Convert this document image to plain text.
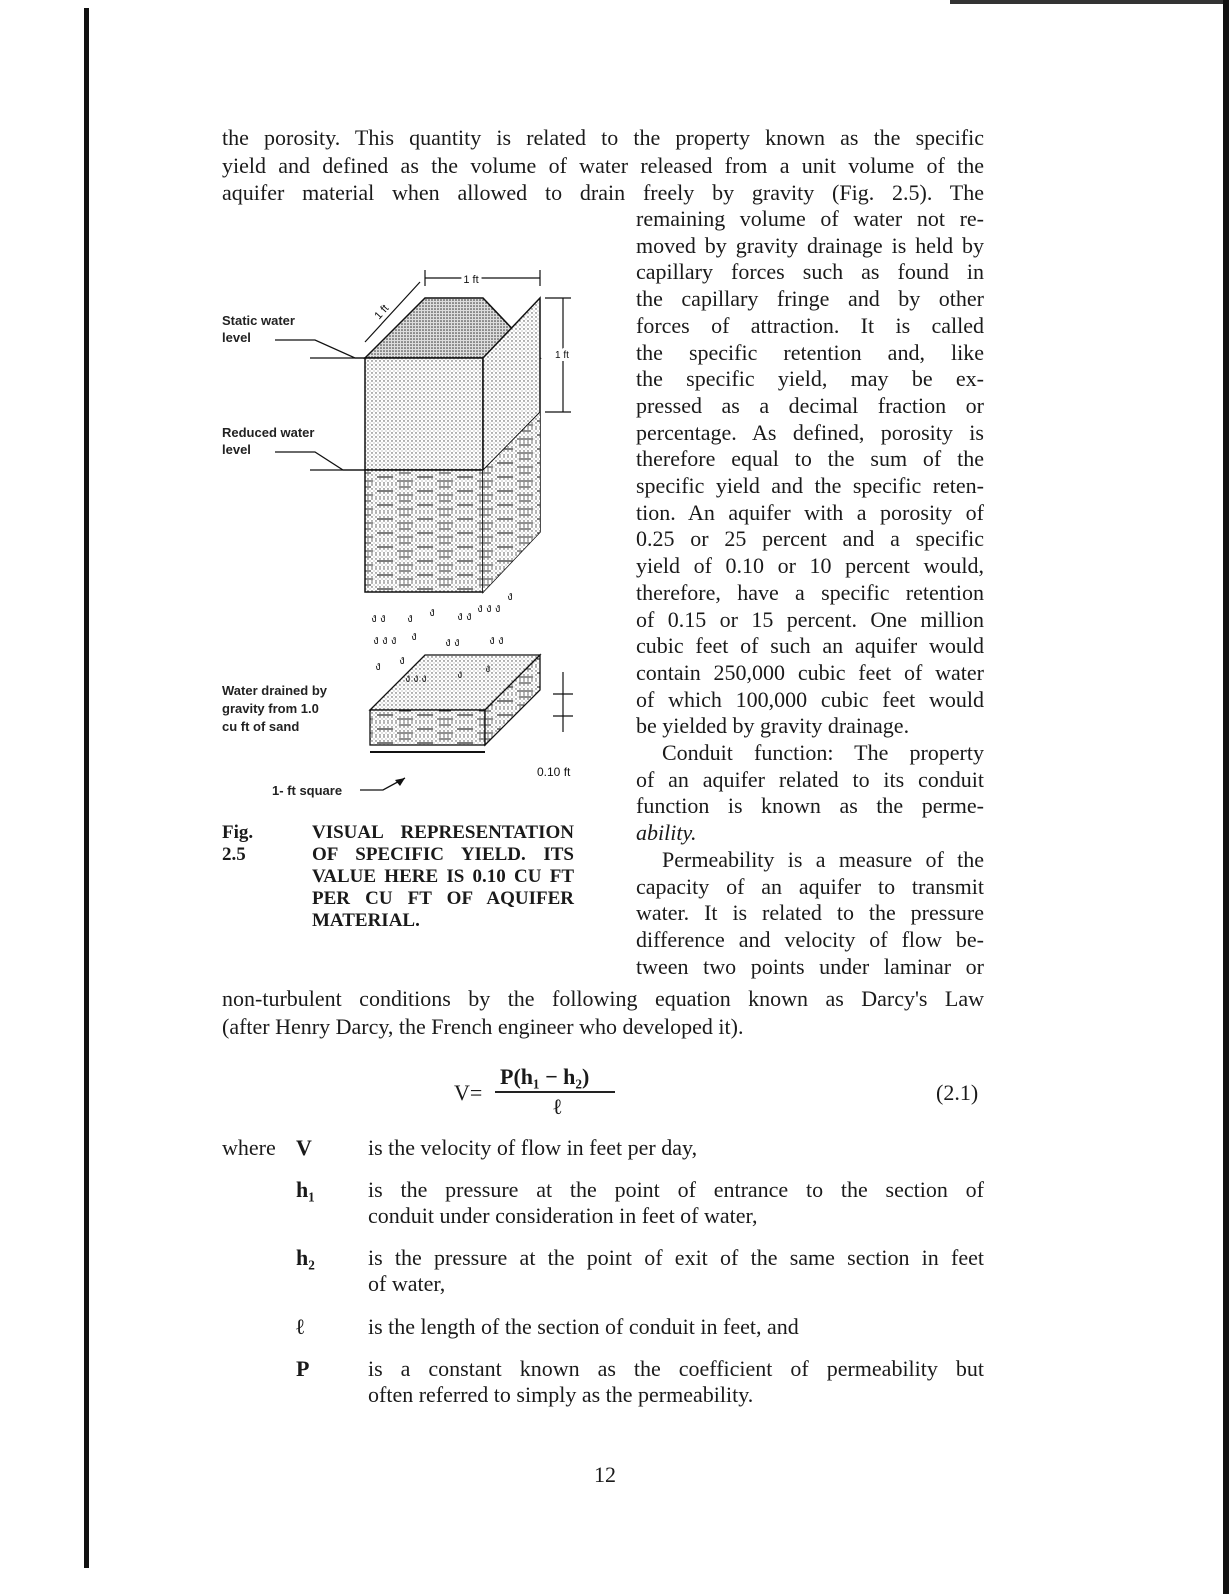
the porosity. This quantity is related to the property known as the specific
yield and defined as the volume of water released from a unit volume of the
aquifer material when allowed to drain freely by gravity (Fig. 2.5). The
remaining volume of water not re-
moved by gravity drainage is held by
capillary forces such as found in
the capillary fringe and by other
forces of attraction. It is called
the specific retention and, like
the specific yield, may be ex-
pressed as a decimal fraction or
percentage. As defined, porosity is
therefore equal to the sum of the
specific yield and the specific reten-
tion. An aquifer with a porosity of
0.25 or 25 percent and a specific
yield of 0.10 or 10 percent would,
therefore, have a specific retention
of 0.15 or 15 percent. One million
cubic feet of such an aquifer would
contain 250,000 cubic feet of water
of which 100,000 cubic feet would
be yielded by gravity drainage.
Conduit function: The property
of an aquifer related to its conduit
function is known as the perme-
ability.
Permeability is a measure of the
capacity of an aquifer to transmit
water. It is related to the pressure
difference and velocity of flow be-
tween two points under laminar or
non-turbulent conditions by the following equation known as Darcy's Law
(after Henry Darcy, the French engineer who developed it).
1 ft
1 ft
1 ft
ง ง ง ง ง ง
ง ง ง
ง
ง ง ง ง ง ง ง ง
ง ง
ง ง ง	ง ง
0.10 ft
Static water
level
Reduced water
level
Water drained by
gravity from 1.0
cu ft of sand
1- ft square
Fig. 2.5
VISUAL REPRESENTATION OF SPECIFIC YIELD. ITS VALUE HERE IS 0.10 CU FT PER CU FT OF AQUIFER MATERIAL.
V=
P(h₁ − h₂)
ℓ
(2.1)
where V	is the velocity of flow in feet per day,
h₁ is the pressure at the point of entrance to the section of
conduit under consideration in feet of water,
h₂ is the pressure at the point of exit of the same section in feet
of water,
ℓ	is the length of the section of conduit in feet, and
P	is a constant known as the coefficient of permeability but
often referred to simply as the permeability.
12
